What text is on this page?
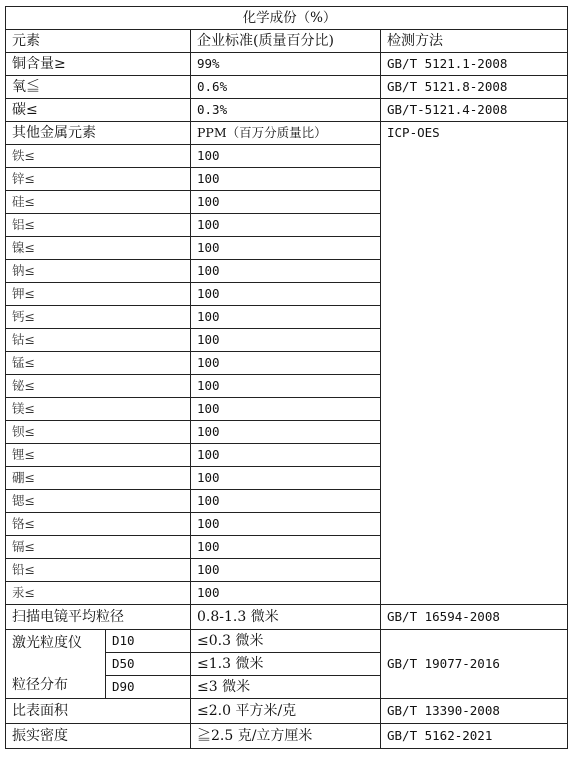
化学成份（%）			
元素		企业标准(质量百分比)	检测方法
铜含量≥		99%	GB/T 5121.1-2008
氧≦		0.6%	GB/T 5121.8-2008
碳≤		0.3%	GB/T-5121.4-2008
其他金属元素		PPM（百万分质量比）	ICP-OES
铁≤		100	
锌≤		100	
硅≤		100	
铝≤		100	
镍≤		100	
钠≤		100	
钾≤		100	
钙≤		100	
钴≤		100	
锰≤		100	
铋≤		100	
镁≤		100	
钡≤		100	
锂≤		100	
硼≤		100	
锶≤		100	
铬≤		100	
镉≤		100	
铅≤		100	
汞≤		100	
扫描电镜平均粒径		0.8-1.3 微米	GB/T 16594-2008

激光粒度仪
粒径分布	D10	≤0.3 微米	GB/T 19077-2016
	D50	≤1.3 微米	
	D90	≤3 微米	
比表面积		≤2.0 平方米/克	GB/T 13390-2008
振实密度		≧2.5 克/立方厘米	GB/T 5162-2021
